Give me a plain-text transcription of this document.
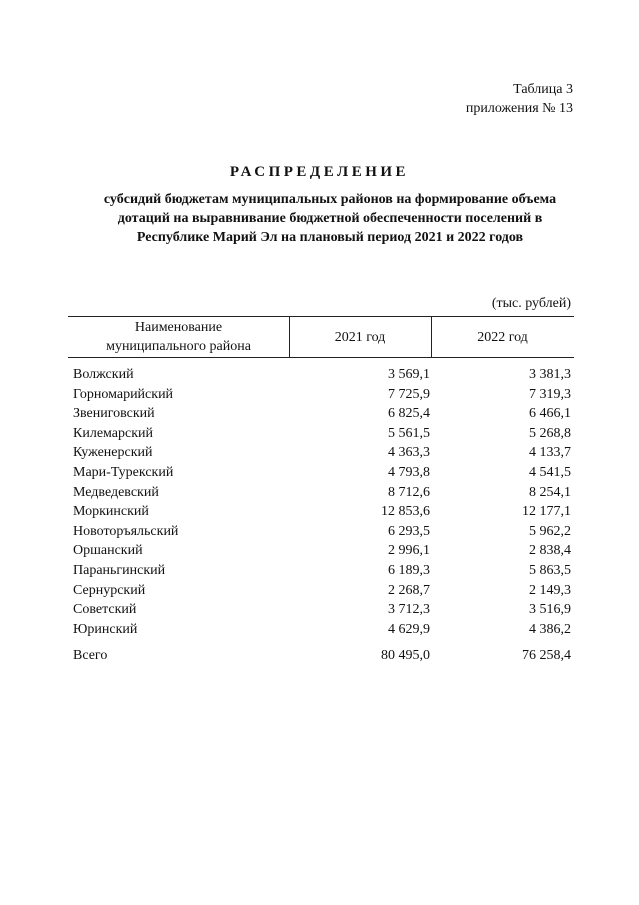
Таблица 3
приложения № 13
РАСПРЕДЕЛЕНИЕ
субсидий бюджетам муниципальных районов на формирование объема
дотаций на выравнивание бюджетной обеспеченности поселений в
Республике Марий Эл на плановый период 2021 и 2022 годов
(тыс. рублей)
Наименование
муниципального района
2021 год	2022 год
Волжский	3 569,1	3 381,3
Горномарийский	7 725,9	7 319,3
Звениговский	6 825,4	6 466,1
Килемарский	5 561,5	5 268,8
Куженерский	4 363,3	4 133,7
Мари-Турекский	4 793,8	4 541,5
Медведевский	8 712,6	8 254,1
Моркинский	12 853,6	12 177,1
Новоторъяльский	6 293,5	5 962,2
Оршанский	2 996,1	2 838,4
Параньгинский	6 189,3	5 863,5
Сернурский	2 268,7	2 149,3
Советский	3 712,3	3 516,9
Юринский	4 629,9	4 386,2
Всего	80 495,0	76 258,4
